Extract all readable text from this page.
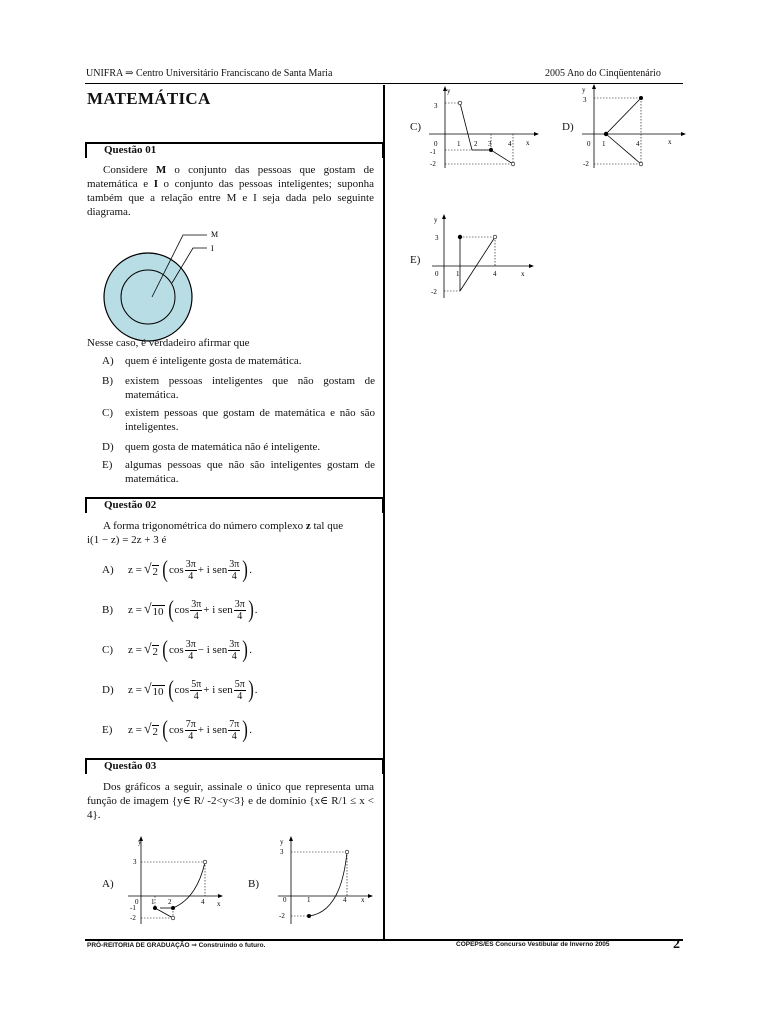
UNIFRA ⇒ Centro Universitário Franciscano de Santa Maria	2005 Ano do Cinqüentenário
MATEMÁTICA
Questão 01
Considere M o conjunto das pessoas que gostam de matemática e I o conjunto das pessoas inteligentes; suponha também que a relação entre M e I seja dada pelo seguinte diagrama.
M
I
Nesse caso, é verdadeiro afirmar que
A) quem é inteligente gosta de matemática.
B) existem pessoas inteligentes que não gostam de matemática.
C) existem pessoas que gostam de matemática e não são inteligentes.
D) quem gosta de matemática não é inteligente.
E) algumas pessoas que não são inteligentes gostam de matemática.
Questão 02
A forma trigonométrica do número complexo z tal que
i(1 − z) = 2z + 3 é
A) z = √ 2 ( $\cos \frac{3\pi}{4}$ +
i sen $\frac{3\pi}{4}$ ) .
B) z = √ 10 ( $\cos \frac{3\pi}{4}$ +
i sen $\frac{3\pi}{4}$ ) .
C) z = √ 2 ( $\cos \frac{3\pi}{4}$ −
i sen $\frac{3\pi}{4}$ ) .
D) z = √ 10 ( $\cos \frac{5\pi}{4}$ +
i sen $\frac{5\pi}{4}$ ) .
E) z = √ 2 ( $\cos \frac{7\pi}{4}$ +
i sen $\frac{7\pi}{4}$ ) .
Questão 03
Dos gráficos a seguir, assinale o único que representa uma função de imagem {y∈ R/ -2<y<3} e de domínio {x∈ R/1 ≤ x < 4}.
A)
y
x
3
0 1 2	4
-1
-2
B)
y
x
3
0	1	4
-2
C)
y
x
3
0	1 2 3 4
-1
-2
D)
y
x
3
0 1	4
-2
E)
y
x
3
0	1	4
-2
PRÓ-REITORIA DE GRADUAÇÃO ⇒ Construindo o futuro.	COPEPS/ES Concurso Vestibular de Inverno 2005	2
